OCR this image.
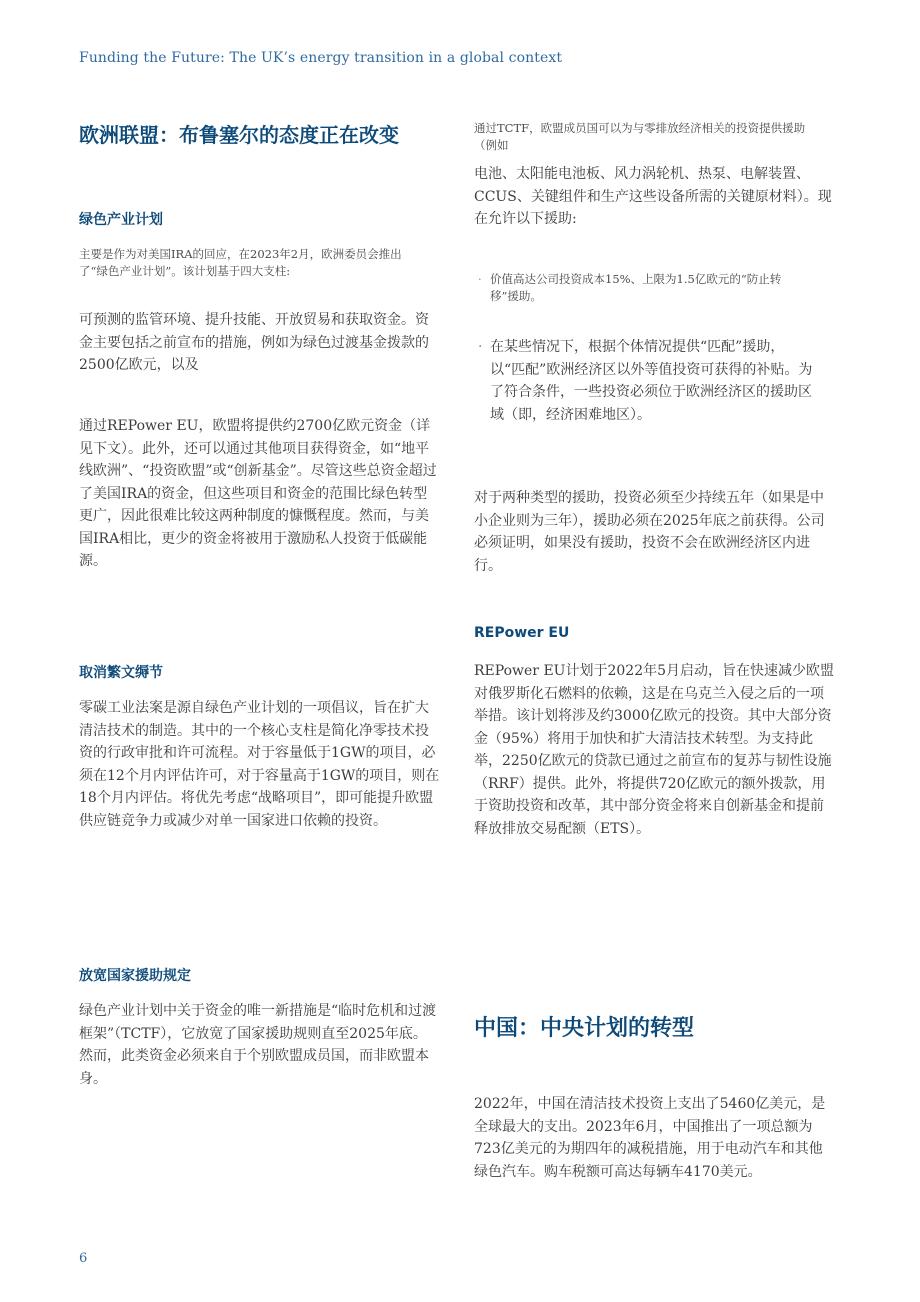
Funding the Future: The UK’s energy transition in a global context
欧洲联盟：布鲁塞尔的态度正在改变
绿色产业计划
主要是作为对美国IRA的回应，在2023年2月，欧洲委员会推出了“绿色产业计划”。该计划基于四大支柱:
可预测的监管环境、提升技能、开放贸易和获取资金。资金主要包括之前宣布的措施，例如为绿色过渡基金拨款的2500亿欧元，以及
通过REPower EU，欧盟将提供约2700亿欧元资金（详见下文）。此外，还可以通过其他项目获得资金，如“地平线欧洲”、“投资欧盟”或“创新基金”。尽管这些总资金超过了美国IRA的资金，但这些项目和资金的范围比绿色转型更广，因此很难比较这两种制度的慷慨程度。然而，与美国IRA相比，更少的资金将被用于激励私人投资于低碳能源。
取消繁文缛节
零碳工业法案是源自绿色产业计划的一项倡议，旨在扩大清洁技术的制造。其中的一个核心支柱是简化净零技术投资的行政审批和许可流程。对于容量低于1GW的项目，必须在12个月内评估许可，对于容量高于1GW的项目，则在18个月内评估。将优先考虑“战略项目”，即可能提升欧盟供应链竞争力或减少对单一国家进口依赖的投资。
放宽国家援助规定
绿色产业计划中关于资金的唯一新措施是“临时危机和过渡框架”（TCTF），它放宽了国家援助规则直至2025年底。然而，此类资金必须来自于个别欧盟成员国，而非欧盟本身。
通过TCTF，欧盟成员国可以为与零排放经济相关的投资提供援助（例如
电池、太阳能电池板、风力涡轮机、热泵、电解装置、CCUS、关键组件和生产这些设备所需的关键原材料）。现在允许以下援助:
· 价值高达公司投资成本15%、上限为1.5亿欧元的“防止转移”援助。
· 在某些情况下，根据个体情况提供“匹配”援助，以“匹配”欧洲经济区以外等值投资可获得的补贴。为了符合条件，一些投资必须位于欧洲经济区的援助区域（即，经济困难地区）。
对于两种类型的援助，投资必须至少持续五年（如果是中小企业则为三年），援助必须在2025年底之前获得。公司必须证明，如果没有援助，投资不会在欧洲经济区内进行。
REPower EU
REPower EU计划于2022年5月启动，旨在快速减少欧盟对俄罗斯化石燃料的依赖，这是在乌克兰入侵之后的一项举措。该计划将涉及约3000亿欧元的投资。其中大部分资金（95%）将用于加快和扩大清洁技术转型。为支持此举，2250亿欧元的贷款已通过之前宣布的复苏与韧性设施（RRF）提供。此外，将提供720亿欧元的额外拨款，用于资助投资和改革，其中部分资金将来自创新基金和提前释放排放交易配额（ETS）。
中国：中央计划的转型
2022年，中国在清洁技术投资上支出了5460亿美元，是全球最大的支出。2023年6月，中国推出了一项总额为723亿美元的为期四年的减税措施，用于电动汽车和其他绿色汽车。购车税额可高达每辆车4170美元。
6
